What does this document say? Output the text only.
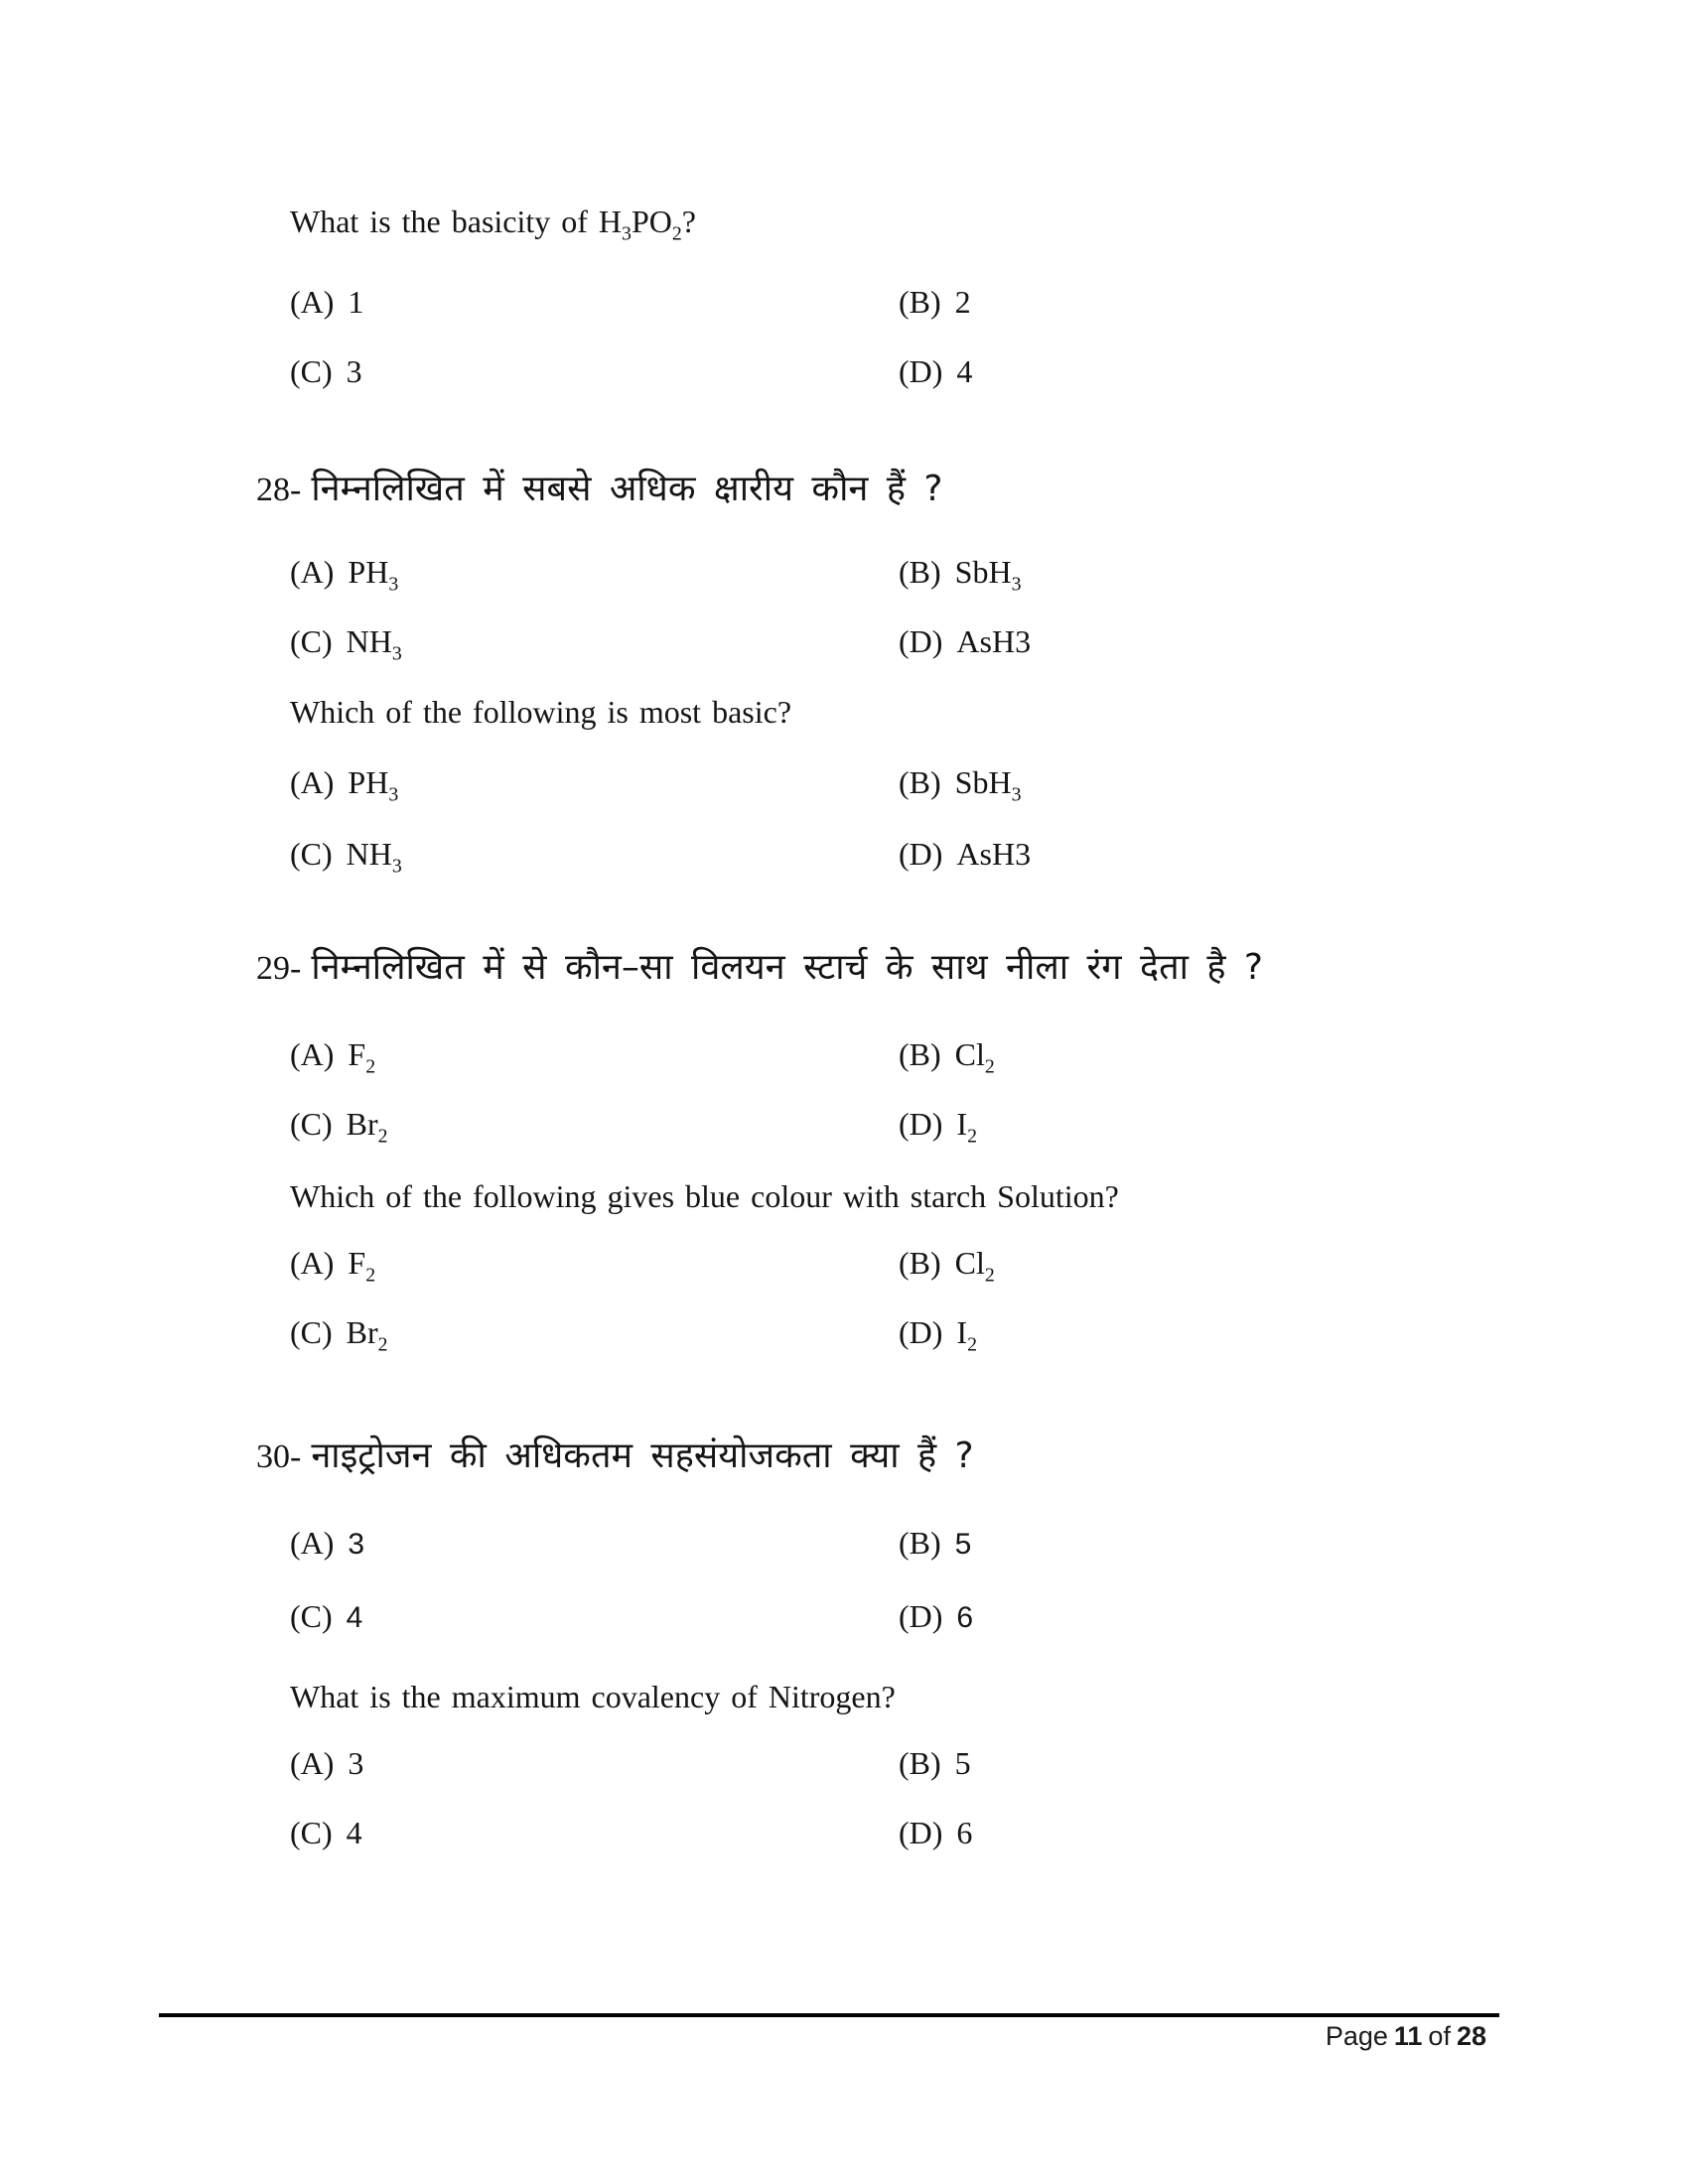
What is the basicity of $H_3PO_2$?
(A) 1	(B) 2
(C) 3	(D) 4
28- निम्नलिखित में सबसे अधिक क्षारीय कौन हैं ?
(A) $PH_3$	(B) SbH$_3$
(C) $NH_3$	(D) AsH3
Which of the following is most basic?
(A) $PH_3$	(B) SbH$_3$
(C) $NH_3$	(D) AsH3
29- निम्नलिखित में से कौन–सा विलयन स्टार्च के साथ नीला रंग देता है ?
(A) $F_2$	(B) $Cl_2$
(C) $Br_2$	(D) $I_2$
Which of the following gives blue colour with starch Solution?
(A) $F_2$	(B) $Cl_2$
(C) $Br_2$	(D) $I_2$
30- नाइट्रोजन की अधिकतम सहसंयोजकता क्या हैं ?
(A) 3	(B) 5
(C) 4	(D) 6
What is the maximum covalency of Nitrogen?
(A) 3	(B) 5
(C) 4	(D) 6
Page 11 of 28
